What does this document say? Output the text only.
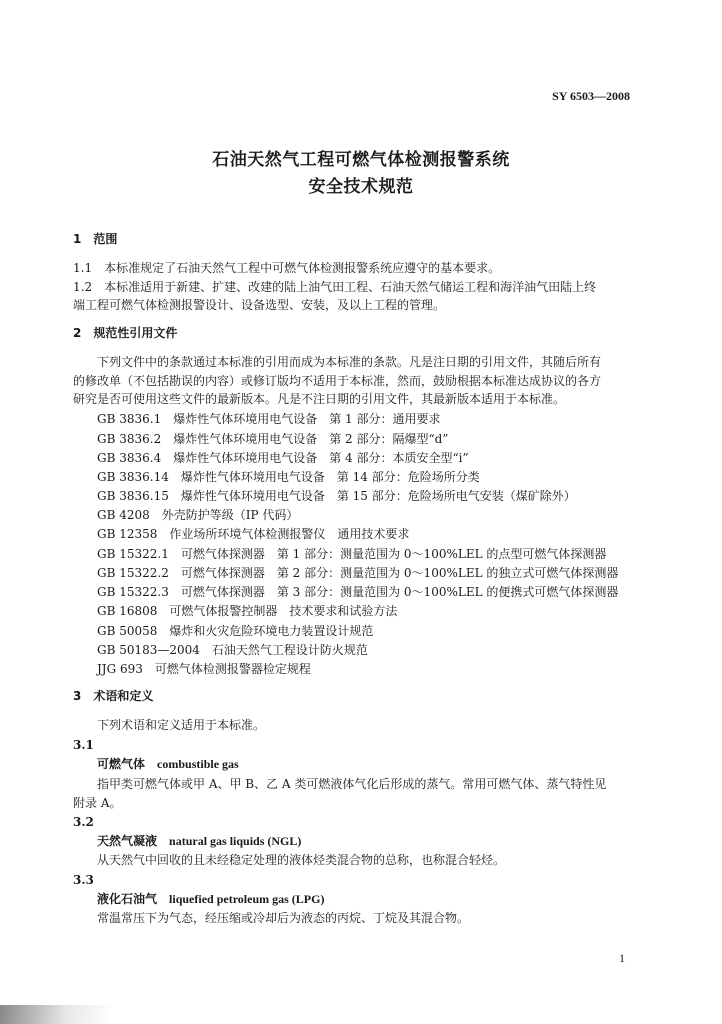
SY 6503—2008
石油天然气工程可燃气体检测报警系统
安全技术规范
1　范围
1.1　本标准规定了石油天然气工程中可燃气体检测报警系统应遵守的基本要求。
1.2　本标准适用于新建、扩建、改建的陆上油气田工程、石油天然气储运工程和海洋油气田陆上终
端工程可燃气体检测报警设计、设备选型、安装，及以上工程的管理。
2　规范性引用文件
下列文件中的条款通过本标准的引用而成为本标准的条款。凡是注日期的引用文件，其随后所有
的修改单（不包括勘误的内容）或修订版均不适用于本标准，然而，鼓励根据本标准达成协议的各方
研究是否可使用这些文件的最新版本。凡是不注日期的引用文件，其最新版本适用于本标准。
GB 3836.1　爆炸性气体环境用电气设备　第 1 部分：通用要求
GB 3836.2　爆炸性气体环境用电气设备　第 2 部分：隔爆型“d”
GB 3836.4　爆炸性气体环境用电气设备　第 4 部分：本质安全型“i”
GB 3836.14　爆炸性气体环境用电气设备　第 14 部分：危险场所分类
GB 3836.15　爆炸性气体环境用电气设备　第 15 部分：危险场所电气安装（煤矿除外）
GB 4208　外壳防护等级（IP 代码）
GB 12358　作业场所环境气体检测报警仪　通用技术要求
GB 15322.1　可燃气体探测器　第 1 部分：测量范围为 0～100%LEL 的点型可燃气体探测器
GB 15322.2　可燃气体探测器　第 2 部分：测量范围为 0～100%LEL 的独立式可燃气体探测器
GB 15322.3　可燃气体探测器　第 3 部分：测量范围为 0～100%LEL 的便携式可燃气体探测器
GB 16808　可燃气体报警控制器　技术要求和试验方法
GB 50058　爆炸和火灾危险环境电力装置设计规范
GB 50183—2004　石油天然气工程设计防火规范
JJG 693　可燃气体检测报警器检定规程
3　术语和定义
下列术语和定义适用于本标准。
3.1
可燃气体　 combustible gas
指甲类可燃气体或甲 A、甲 B、乙 A 类可燃液体气化后形成的蒸气。常用可燃气体、蒸气特性见
附录 A。
3.2
天然气凝液　 natural gas liquids (NGL)
从天然气中回收的且未经稳定处理的液体烃类混合物的总称，也称混合轻烃。
3.3
液化石油气　 liquefied petroleum gas (LPG)
常温常压下为气态，经压缩或冷却后为液态的丙烷、丁烷及其混合物。
1
